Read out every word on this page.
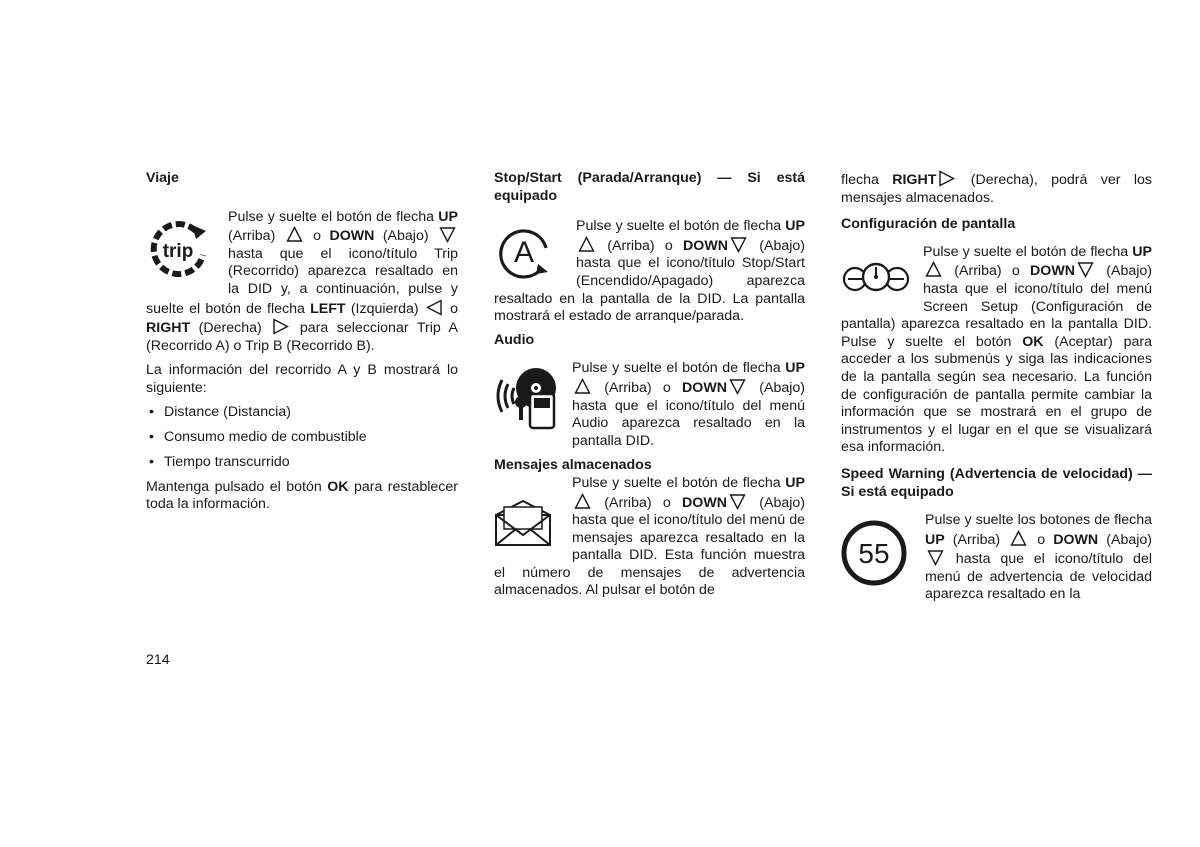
Viaje

trip

Pulse y suelte el botón de flecha UP (Arriba)
o DOWN (Abajo)
hasta que el icono/título Trip (Recorrido) aparezca resaltado en la DID y, a continuación, pulse y suelte el botón de flecha LEFT (Izquierda)
o RIGHT (Derecha)
para seleccionar Trip A (Recorrido A) o Trip B (Recorrido B).

La información del recorrido A y B mostrará lo siguiente:

• Distance (Distancia)
• Consumo medio de combustible
• Tiempo transcurrido

Mantenga pulsado el botón OK para restablecer toda la información.

Stop/Start (Parada/Arranque) — Si está equipado

A

Pulse y suelte el botón de flecha UP
(Arriba) o DOWN
(Abajo) hasta que el icono/título Stop/Start (Encendido/Apagado) aparezca resaltado en la pantalla de la DID. La pantalla mostrará el estado de arranque/parada.

Audio

Pulse y suelte el botón de flecha UP
(Arriba) o DOWN
(Abajo) hasta que el icono/título del menú Audio aparezca resaltado en la pantalla DID.

Mensajes almacenados

Pulse y suelte el botón de flecha UP
(Arriba) o DOWN
(Abajo) hasta que el icono/título del menú de mensajes aparezca resaltado en la pantalla DID. Esta función muestra el número de mensajes de advertencia almacenados. Al pulsar el botón de

flecha RIGHT
(Derecha), podrá ver los mensajes almacenados.

Configuración de pantalla

Pulse y suelte el botón de flecha UP
(Arriba) o DOWN
(Abajo) hasta que el icono/título del menú Screen Setup (Configuración de pantalla) aparezca resaltado en la pantalla DID. Pulse y suelte el botón OK (Aceptar) para acceder a los submenús y siga las indicaciones de la pantalla según sea necesario. La función de configuración de pantalla permite cambiar la información que se mostrará en el grupo de instrumentos y el lugar en el que se visualizará esa información.

Speed Warning (Advertencia de velocidad) — Si está equipado

55

Pulse y suelte los botones de flecha UP (Arriba)
o DOWN (Abajo)
hasta que el icono/título del menú de advertencia de velocidad aparezca resaltado en la

214
